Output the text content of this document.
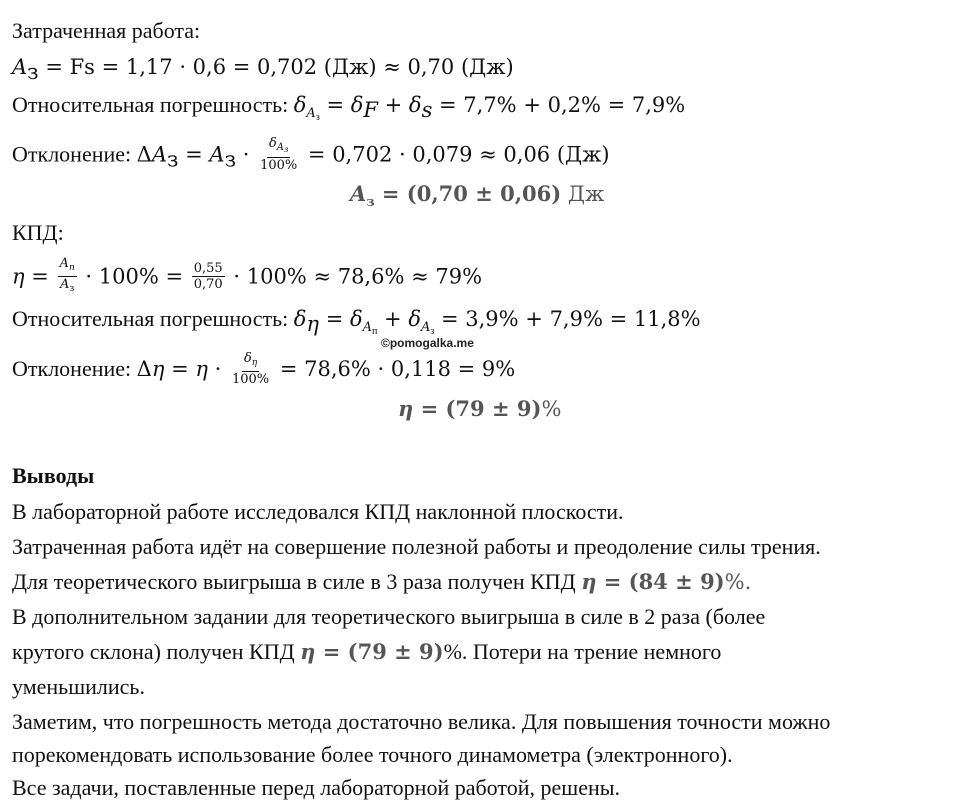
Затраченная работа:
$A_з = Fs = 1,17 \cdot 0,6 = 0,702$ (Дж) ≈ 0,70 (Дж)
Относительная погрешность: $\delta_{A_з} = \delta_F + \delta_s = 7,7\% + 0,2\% = 7,9\%$
Отклонение: $\Delta A_з = A_з \cdot \frac{\delta_{A_з}}{100\%} = 0,702 \cdot 0,079 \approx 0,06$ (Дж)
$A_з = (0,70 \pm 0,06)$ Дж
КПД:
$\eta = \frac{A_п}{A_з} \cdot 100\% = \frac{0,55}{0,70} \cdot 100\% \approx 78,6\% \approx 79\%$
Относительная погрешность: $\delta_\eta = \delta_{A_п} + \delta_{A_з} = 3,9\% + 7,9\% = 11,8\%$
©pomogalka.me
Отклонение: $\Delta\eta = \eta \cdot \frac{\delta_\eta}{100\%} = 78,6\% \cdot 0,118 = 9\%$
η = (79 ± 9)%
Выводы
В лабораторной работе исследовался КПД наклонной плоскости.
Затраченная работа идёт на совершение полезной работы и преодоление силы трения.
Для теоретического выигрыша в силе в 3 раза получен КПД η = (84 ± 9)%.
В дополнительном задании для теоретического выигрыша в силе в 2 раза (более
крутого склона) получен КПД η = (79 ± 9)%. Потери на трение немного
уменьшились.
Заметим, что погрешность метода достаточно велика. Для повышения точности можно
порекомендовать использование более точного динамометра (электронного).
Все задачи, поставленные перед лабораторной работой, решены.
